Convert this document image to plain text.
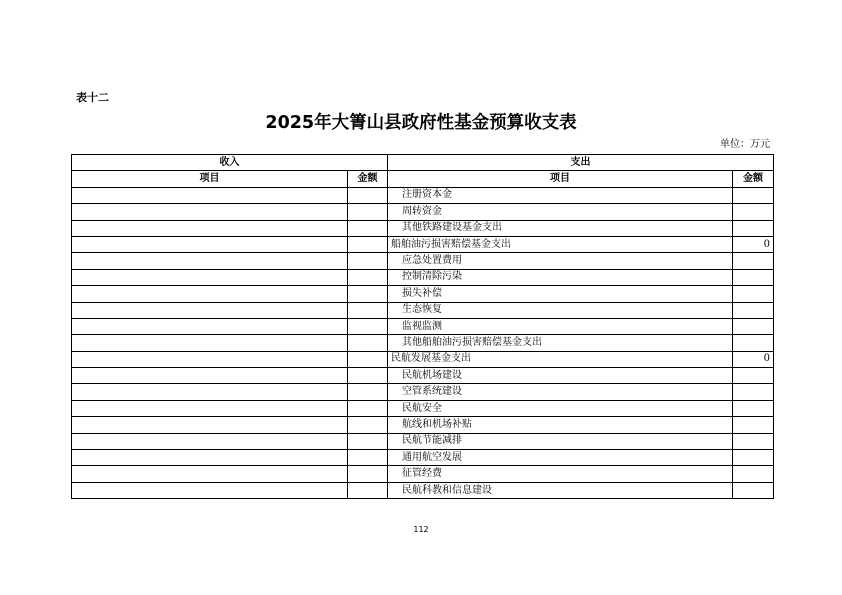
表十二
2025年大箐山县政府性基金预算收支表
单位：万元
收入		支出	
项目	金额	项目	金额
		注册资本金	
		周转资金	
		其他铁路建设基金支出	
		船舶油污损害赔偿基金支出	0
		应急处置费用	
		控制清除污染	
		损失补偿	
		生态恢复	
		监视监测	
		其他船舶油污损害赔偿基金支出	
		民航发展基金支出	0
		民航机场建设	
		空管系统建设	
		民航安全	
		航线和机场补贴	
		民航节能减排	
		通用航空发展	
		征管经费	
		民航科教和信息建设	
112
